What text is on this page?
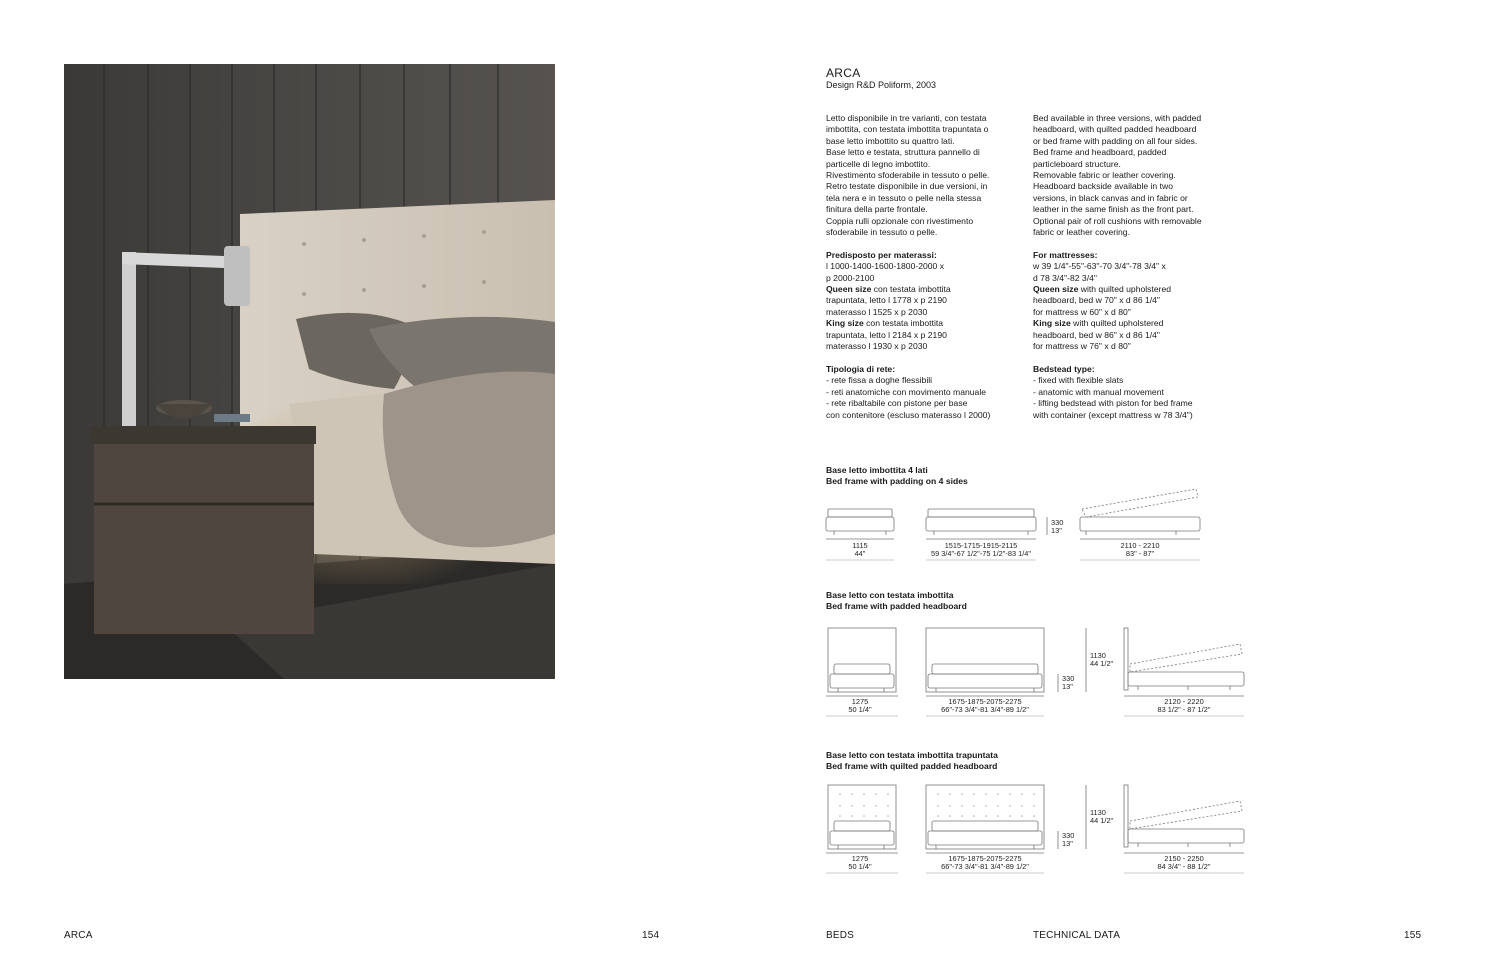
ARCA
Design R&D Poliform, 2003

Letto disponibile in tre varianti, con testata
imbottita, con testata imbottita trapuntata o
base letto imbottito su quattro lati.
Base letto e testata, struttura pannello di
particelle di legno imbottito.
Rivestimento sfoderabile in tessuto o pelle.
Retro testate disponibile in due versioni, in
tela nera e in tessuto o pelle nella stessa
finitura della parte frontale.
Coppia rulli opzionale con rivestimento
sfoderabile in tessuto o pelle.

Predisposto per materassi:

l 1000-1400-1600-1800-2000 x
p 2000-2100

Queen size con testata imbottita
trapuntata, letto l 1778 x p 2190
materasso l 1525 x p 2030

King size con testata imbottita
trapuntata, letto l 2184 x p 2190
materasso l 1930 x p 2030

Tipologia di rete:

- rete fissa a doghe flessibili
- reti anatomiche con movimento manuale
- rete ribaltabile con pistone per base
con contenitore (escluso materasso l 2000)

Bed available in three versions, with padded
headboard, with quilted padded headboard
or bed frame with padding on all four sides.
Bed frame and headboard, padded
particleboard structure.
Removable fabric or leather covering.
Headboard backside available in two
versions, in black canvas and in fabric or
leather in the same finish as the front part.
Optional pair of roll cushions with removable
fabric or leather covering.

For mattresses:

w 39 1/4"-55"-63"-70 3/4"-78 3/4" x
d 78 3/4"-82 3/4"

Queen size with quilted upholstered
headboard, bed w 70" x d 86 1/4"
for mattress w 60" x d 80"

King size with quilted upholstered
headboard, bed w 86" x d 86 1/4"
for mattress w 76" x d 80"

Bedstead type:

- fixed with flexible slats
- anatomic with manual movement
- lifting bedstead with piston for bed frame
with container (except mattress w 78 3/4")

Base letto imbottita 4 lati
Bed frame with padding on 4 sides
Base letto con testata imbottita
Bed frame with padded headboard
Base letto con testata imbottita trapuntata
Bed frame with quilted padded headboard
1115
44"
1515-1715-1915-2115
59 3/4"-67 1/2"-75 1/2"-83 1/4"
330
13"
2110 - 2210
83" - 87"
1275
50 1/4"
1675-1875-2075-2275
66"-73 3/4"-81 3/4"-89 1/2"
330
13"
1130
44 1/2"
2120 - 2220
83 1/2" - 87 1/2"
1275
50 1/4"
1675-1875-2075-2275
66"-73 3/4"-81 3/4"-89 1/2"
330
13"
1130
44 1/2"
2150 - 2250
84 3/4" - 88 1/2"
ARCA	154	BEDS	TECHNICAL DATA	155
